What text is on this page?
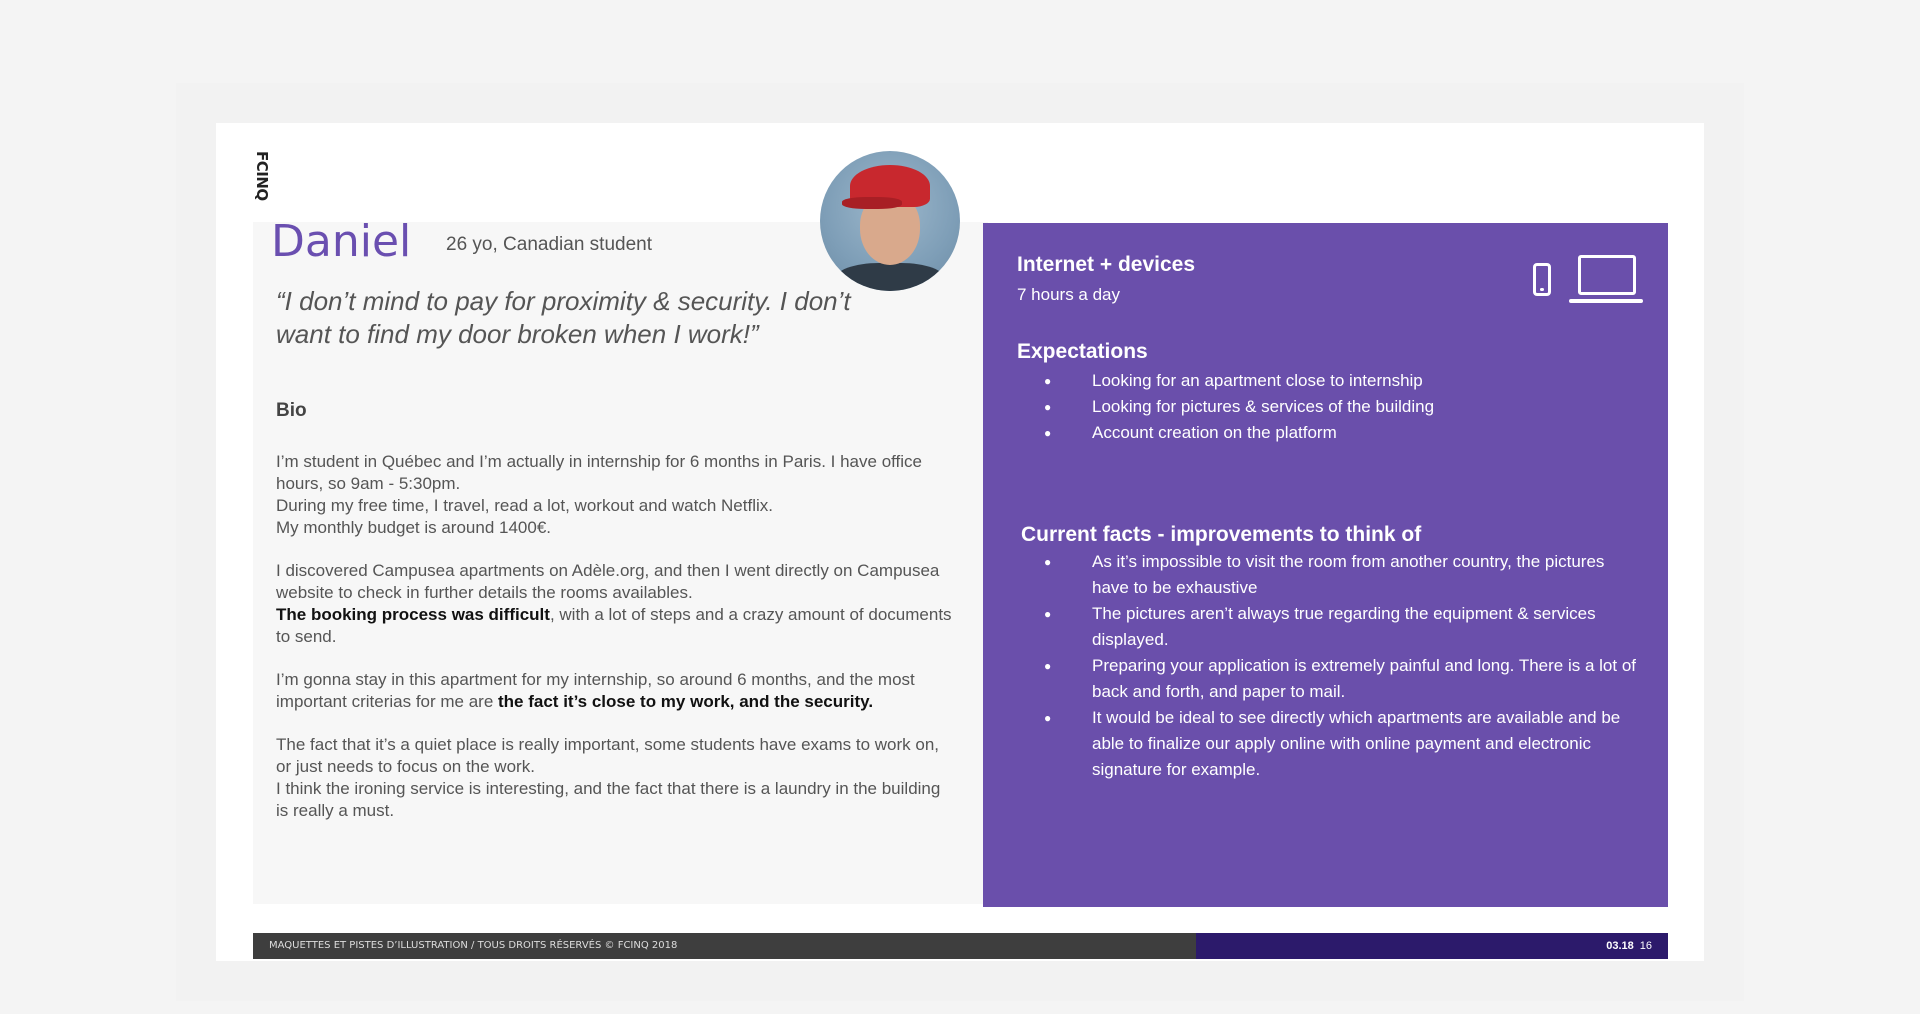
FCINQ
Daniel 26 yo, Canadian student
“I don’t mind to pay for proximity & security. I don’t want to find my door broken when I work!”
Bio

I’m student in Québec and I’m actually in internship for 6 months in Paris. I have office hours, so 9am - 5:30pm.
During my free time, I travel, read a lot, workout and watch Netflix.
My monthly budget is around 1400€.

I discovered Campusea apartments on Adèle.org, and then I went directly on Campusea website to check in further details the rooms availables.
The booking process was difficult, with a lot of steps and a crazy amount of documents to send.

I’m gonna stay in this apartment for my internship, so around 6 months, and the most important criterias for me are the fact it’s close to my work, and the security.

The fact that it’s a quiet place is really important, some students have exams to work on, or just needs to focus on the work.
I think the ironing service is interesting, and the fact that there is a laundry in the building is really a must.

Internet + devices
7 hours a day
Expectations
● Looking for an apartment close to internship
● Looking for pictures & services of the building
● Account creation on the platform
Current facts - improvements to think of
● As it’s impossible to visit the room from another country, the pictures have to be exhaustive
● The pictures aren’t always true regarding the equipment & services displayed.
● Preparing your application is extremely painful and long. There is a lot of back and forth, and paper to mail.
● It would be ideal to see directly which apartments are available and be able to finalize our apply online with online payment and electronic signature for example.
MAQUETTES ET PISTES D’ILLUSTRATION / TOUS DROITS RÉSERVÉS © FCINQ 2018	03.18 16
